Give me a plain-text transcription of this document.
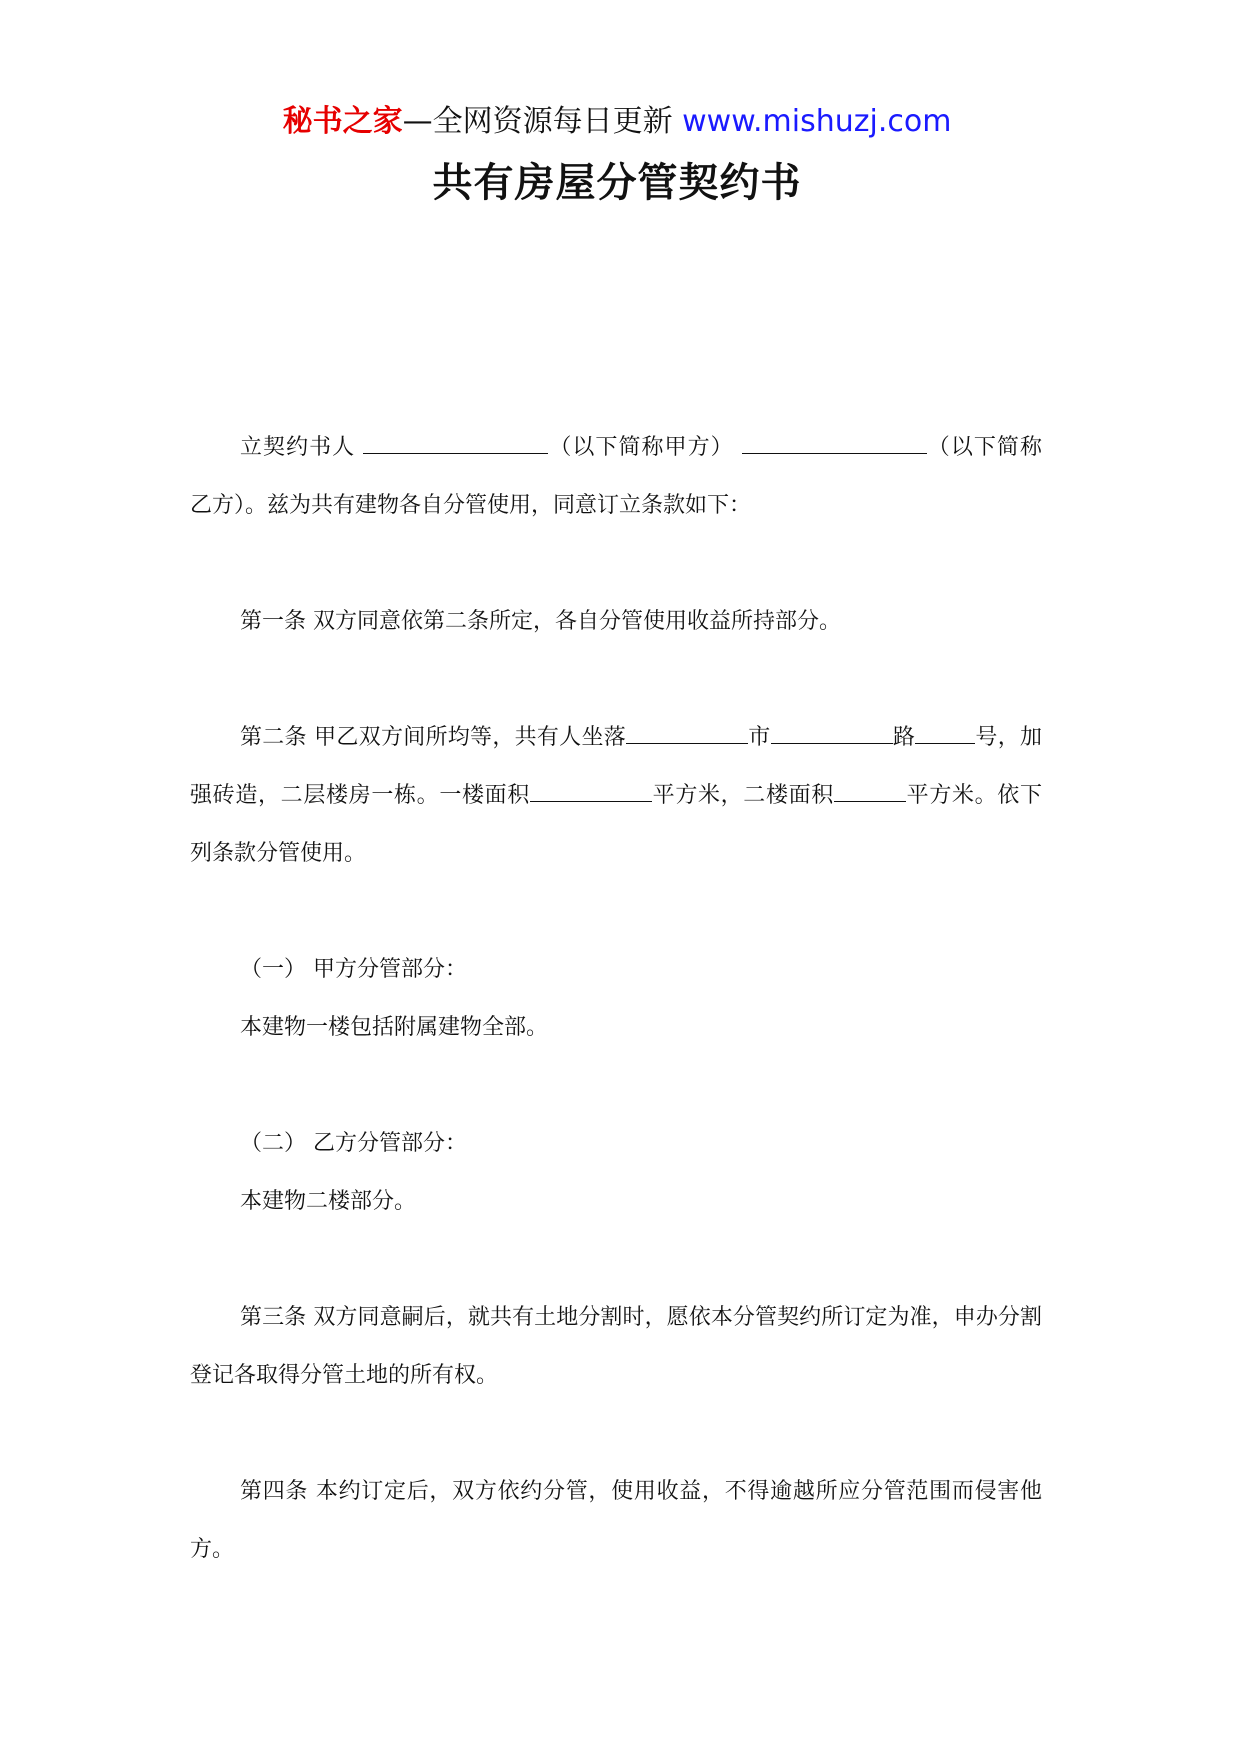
秘书之家—全网资源每日更新 www.mishuzj.com
共有房屋分管契约书

立契约书人	（以下简称甲方）	（以下简称乙方）。兹为共有建物各自分管使用，同意订立条款如下：

第一条 双方同意依第二条所定，各自分管使用收益所持部分。

第二条 甲乙双方间所均等，共有人坐落	市	路	号，加强砖造，二层楼房一栋。一楼面积	平方米，二楼面积	平方米。依下列条款分管使用。

（一） 甲方分管部分：

本建物一楼包括附属建物全部。

（二） 乙方分管部分：

本建物二楼部分。

第三条 双方同意嗣后，就共有土地分割时，愿依本分管契约所订定为准，申办分割登记各取得分管土地的所有权。

第四条 本约订定后，双方依约分管，使用收益，不得逾越所应分管范围而侵害他方。
